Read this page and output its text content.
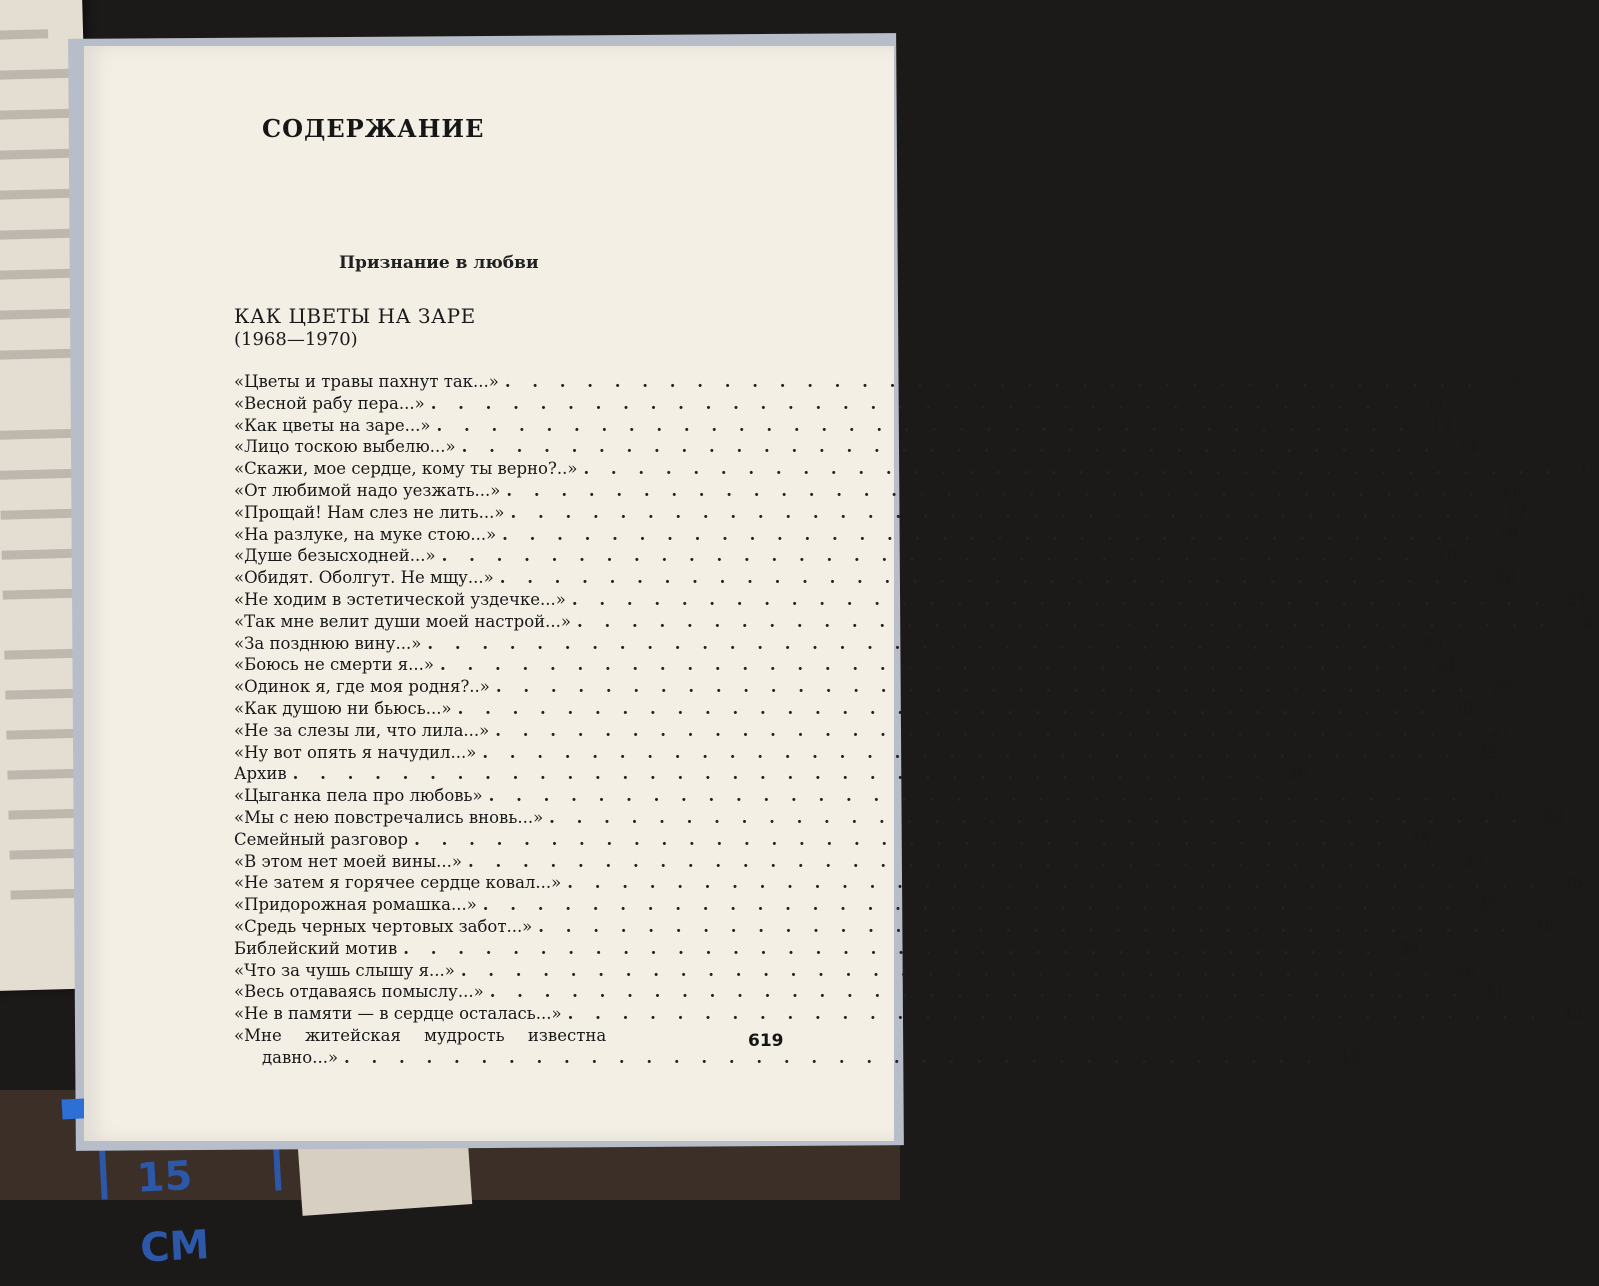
15 CM
СОДЕРЖАНИЕ
Признание в любви
КАК ЦВЕТЫ НА ЗАРЕ
(1968—1970)
«Цветы и травы пахнут так...» . . . . . . . . . . . . . . . . . . . . . . . . . . . . . . . . . . . .	9
«Весной рабу пера...» . . . . . . . . . . . . . . . . . . . . . . . . . . . . . . . . . . . .	11
«Как цветы на заре...» . . . . . . . . . . . . . . . . . . . . . . . . . . . . . . . . . . . .	12
«Лицо тоскою выбелю...» . . . . . . . . . . . . . . . . . . . . . . . . . . . . . . . . . . . .	14
«Скажи, мое сердце, кому ты верно?..» . . . . . . . . . . . . . . . . . . . . . . . . . . . . . . . . . . . .	15
«От любимой надо уезжать...» . . . . . . . . . . . . . . . . . . . . . . . . . . . . . . . . . . . .	16
«Прощай! Нам слез не лить...» . . . . . . . . . . . . . . . . . . . . . . . . . . . . . . . . . . . .	17
«На разлуке, на муке стою...» . . . . . . . . . . . . . . . . . . . . . . . . . . . . . . . . . . . .	18
«Душе безысходней...» . . . . . . . . . . . . . . . . . . . . . . . . . . . . . . . . . . . .	19
«Обидят. Оболгут. Не мщу...» . . . . . . . . . . . . . . . . . . . . . . . . . . . . . . . . . . . .	20
«Не ходим в эстетической уздечке...» . . . . . . . . . . . . . . . . . . . . . . . . . . . . . . . . . . . .	21
«Так мне велит души моей настрой...» . . . . . . . . . . . . . . . . . . . . . . . . . . . . . . . . . . . .	22
«За позднюю вину...» . . . . . . . . . . . . . . . . . . . . . . . . . . . . . . . . . . . .	23
«Боюсь не смерти я...» . . . . . . . . . . . . . . . . . . . . . . . . . . . . . . . . . . . .	24
«Одинок я, где моя родня?..» . . . . . . . . . . . . . . . . . . . . . . . . . . . . . . . . . . . .	25
«Как душою ни бьюсь...» . . . . . . . . . . . . . . . . . . . . . . . . . . . . . . . . . . . .	26
«Не за слезы ли, что лила...» . . . . . . . . . . . . . . . . . . . . . . . . . . . . . . . . . . . .	27
«Ну вот опять я начудил...» . . . . . . . . . . . . . . . . . . . . . . . . . . . . . . . . . . . .	29
Архив . . . . . . . . . . . . . . . . . . . . . . . . . . . . . . . . . . . .	30
«Цыганка пела про любовь» . . . . . . . . . . . . . . . . . . . . . . . . . . . . . . . . . . . .	31
«Мы с нею повстречались вновь...» . . . . . . . . . . . . . . . . . . . . . . . . . . . . . . . . . . . .	32
Семейный разговор . . . . . . . . . . . . . . . . . . . . . . . . . . . . . . . . . . . .	33
«В этом нет моей вины...» . . . . . . . . . . . . . . . . . . . . . . . . . . . . . . . . . . . .	35
«Не затем я горячее сердце ковал...» . . . . . . . . . . . . . . . . . . . . . . . . . . . . . . . . . . . .	36
«Придорожная ромашка...» . . . . . . . . . . . . . . . . . . . . . . . . . . . . . . . . . . . .	37
«Средь черных чертовых забот...» . . . . . . . . . . . . . . . . . . . . . . . . . . . . . . . . . . . .	38
Библейский мотив . . . . . . . . . . . . . . . . . . . . . . . . . . . . . . . . . . . .	39
«Что за чушь слышу я...» . . . . . . . . . . . . . . . . . . . . . . . . . . . . . . . . . . . .	40
«Весь отдаваясь помыслу...» . . . . . . . . . . . . . . . . . . . . . . . . . . . . . . . . . . . .	41
«Не в памяти — в сердце осталась...» . . . . . . . . . . . . . . . . . . . . . . . . . . . . . . . . . . . .	42
«Мне житейская мудрость известна
давно...» . . . . . . . . . . . . . . . . . . . . . . . . . . . . . . . . . . . .	43
619
